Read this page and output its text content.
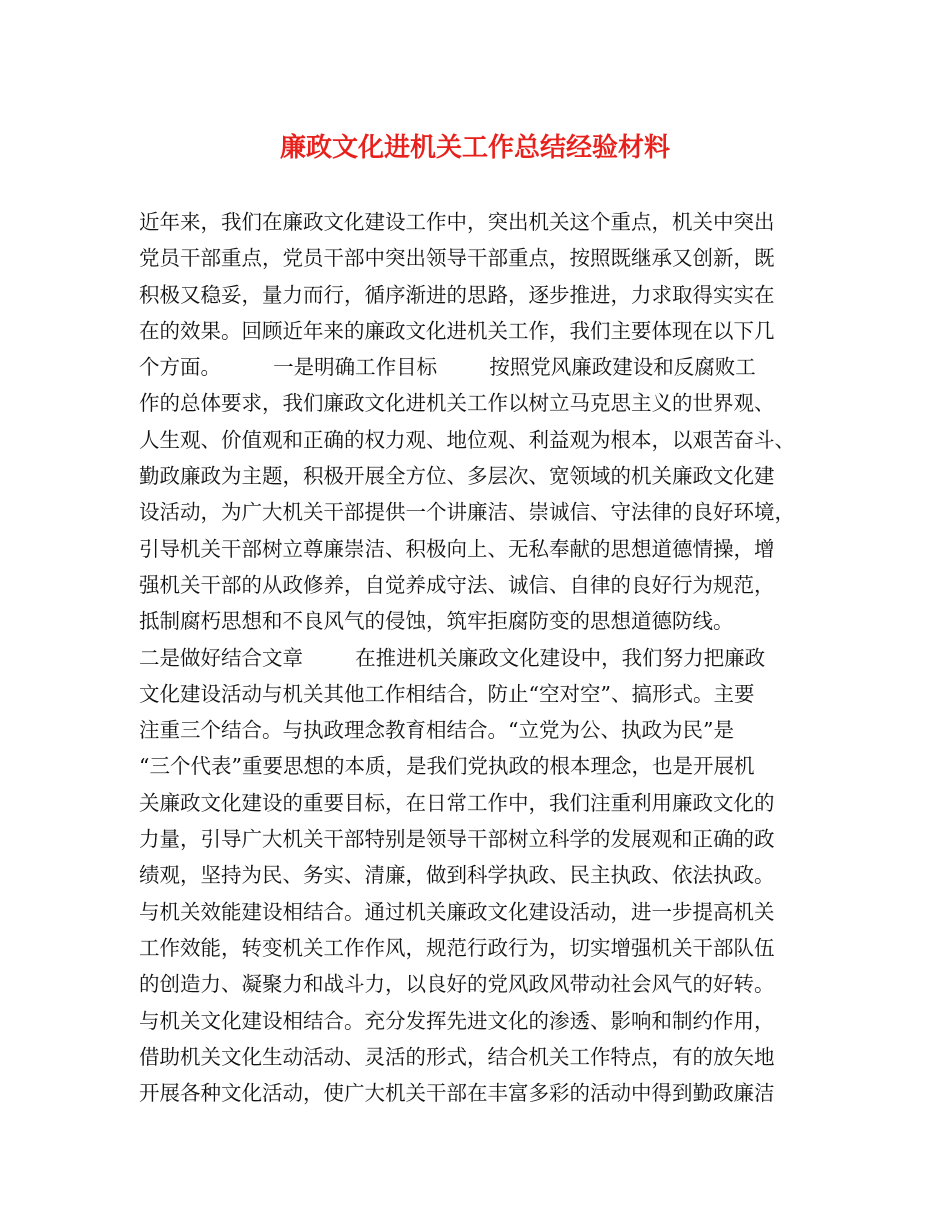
廉政文化进机关工作总结经验材料
近年来，我们在廉政文化建设工作中，突出机关这个重点，机关中突出
党员干部重点，党员干部中突出领导干部重点，按照既继承又创新，既
积极又稳妥，量力而行，循序渐进的思路，逐步推进，力求取得实实在
在的效果。回顾近年来的廉政文化进机关工作，我们主要体现在以下几
个方面。        一是明确工作目标        按照党风廉政建设和反腐败工
作的总体要求，我们廉政文化进机关工作以树立马克思主义的世界观、
人生观、价值观和正确的权力观、地位观、利益观为根本，以艰苦奋斗、
勤政廉政为主题，积极开展全方位、多层次、宽领域的机关廉政文化建
设活动，为广大机关干部提供一个讲廉洁、崇诚信、守法律的良好环境，
引导机关干部树立尊廉崇洁、积极向上、无私奉献的思想道德情操，增
强机关干部的从政修养，自觉养成守法、诚信、自律的良好行为规范，
抵制腐朽思想和不良风气的侵蚀，筑牢拒腐防变的思想道德防线。
二是做好结合文章        在推进机关廉政文化建设中，我们努力把廉政
文化建设活动与机关其他工作相结合，防止“空对空”、搞形式。主要
注重三个结合。与执政理念教育相结合。“立党为公、执政为民”是
“三个代表”重要思想的本质，是我们党执政的根本理念，也是开展机
关廉政文化建设的重要目标，在日常工作中，我们注重利用廉政文化的
力量，引导广大机关干部特别是领导干部树立科学的发展观和正确的政
绩观，坚持为民、务实、清廉，做到科学执政、民主执政、依法执政。
与机关效能建设相结合。通过机关廉政文化建设活动，进一步提高机关
工作效能，转变机关工作作风，规范行政行为，切实增强机关干部队伍
的创造力、凝聚力和战斗力，以良好的党风政风带动社会风气的好转。
与机关文化建设相结合。充分发挥先进文化的渗透、影响和制约作用，
借助机关文化生动活动、灵活的形式，结合机关工作特点，有的放矢地
开展各种文化活动，使广大机关干部在丰富多彩的活动中得到勤政廉洁
